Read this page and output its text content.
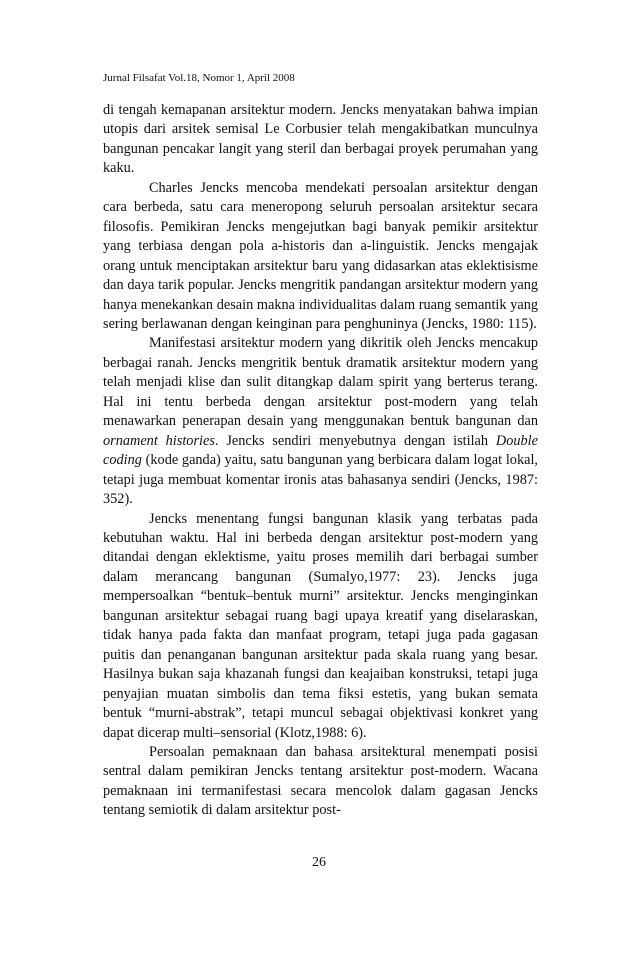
Jurnal Filsafat Vol.18, Nomor 1, April 2008

di tengah kemapanan arsitektur modern. Jencks menyatakan bahwa impian utopis dari arsitek semisal Le Corbusier telah mengakibatkan munculnya bangunan pencakar langit yang steril dan berbagai proyek perumahan yang kaku.

Charles Jencks mencoba mendekati persoalan arsitektur dengan cara berbeda, satu cara meneropong seluruh persoalan arsitektur secara filosofis. Pemikiran Jencks mengejutkan bagi banyak pemikir arsitektur yang terbiasa dengan pola a-historis dan a-linguistik. Jencks mengajak orang untuk menciptakan arsitektur baru yang didasarkan atas eklektisisme dan daya tarik popular. Jencks mengritik pandangan arsitektur modern yang hanya menekankan desain makna individualitas dalam ruang semantik yang sering berlawanan dengan keinginan para penghuninya (Jencks, 1980: 115).

Manifestasi arsitektur modern yang dikritik oleh Jencks mencakup berbagai ranah. Jencks mengritik bentuk dramatik arsitektur modern yang telah menjadi klise dan sulit ditangkap dalam spirit yang berterus terang. Hal ini tentu berbeda dengan arsitektur post-modern yang telah menawarkan penerapan desain yang menggunakan bentuk bangunan dan ornament histories. Jencks sendiri menyebutnya dengan istilah Double coding (kode ganda) yaitu, satu bangunan yang berbicara dalam logat lokal, tetapi juga membuat komentar ironis atas bahasanya sendiri (Jencks, 1987: 352).

Jencks menentang fungsi bangunan klasik yang terbatas pada kebutuhan waktu. Hal ini berbeda dengan arsitektur post-modern yang ditandai dengan eklektisme, yaitu proses memilih dari berbagai sumber dalam merancang bangunan (Sumalyo,1977: 23). Jencks juga mempersoalkan “bentuk–bentuk murni” arsitektur. Jencks menginginkan bangunan arsitektur sebagai ruang bagi upaya kreatif yang diselaraskan, tidak hanya pada fakta dan manfaat program, tetapi juga pada gagasan puitis dan penanganan bangunan arsitektur pada skala ruang yang besar. Hasilnya bukan saja khazanah fungsi dan keajaiban konstruksi, tetapi juga penyajian muatan simbolis dan tema fiksi estetis, yang bukan semata bentuk “murni-abstrak”, tetapi muncul sebagai objektivasi konkret yang dapat dicerap multi–sensorial (Klotz,1988: 6).

Persoalan pemaknaan dan bahasa arsitektural menempati posisi sentral dalam pemikiran Jencks tentang arsitektur post-modern. Wacana pemaknaan ini termanifestasi secara mencolok dalam gagasan Jencks tentang semiotik di dalam arsitektur post-

26
